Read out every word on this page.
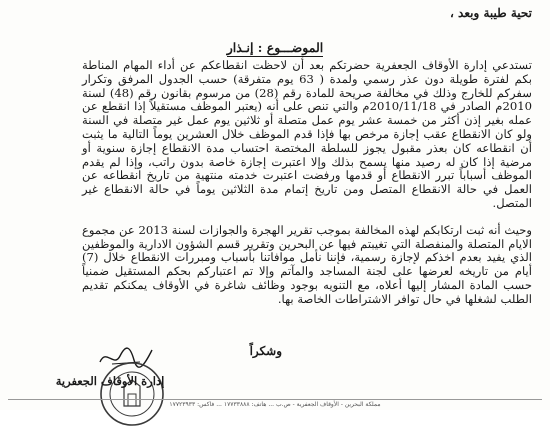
تحية طيبة وبعد ،
الموضـــوع : إنـذار

تستدعي إدارة الأوقاف الجعفرية حضرتكم بعد أن لاحظت انقطاعكم عن أداء المهام المناطة بكم لفترة طويلة دون عذر رسمي ولمدة ( 63 يوم متفرقة) حسب الجدول المرفق وتكرار سفركم للخارج وذلك في مخالفة صريحة للمادة رقم (28) من مرسوم بقانون رقم (48) لسنة 2010م الصادر في 2010/11/18م والتي تنص على أنه (يعتبر الموظف مستقيلاً إذا انقطع عن عمله بغير إذن أكثر من خمسة عشر يوم عمل متصلة أو ثلاثين يوم عمل غير متصلة في السنة ولو كان الانقطاع عقب إجازة مرخص بها فإذا قدم الموظف خلال العشرين يوماً التالية ما يثبت أن انقطاعه كان بعذر مقبول يجوز للسلطة المختصة احتساب مدة الانقطاع إجازة سنوية أو مرضية إذا كان له رصيد منها يسمح بذلك وإلا اعتبرت إجازة خاصة بدون راتب، وإذا لم يقدم الموظف أسباباً تبرر الانقطاع أو قدمها ورفضت اعتبرت خدمته منتهية من تاريخ انقطاعه عن العمل في حالة الانقطاع المتصل ومن تاريخ إتمام مدة الثلاثين يوماً في حالة الانقطاع غير المتصل.

وحيث أنه ثبت ارتكابكم لهذه المخالفة بموجب تقرير الهجرة والجوازات لسنة 2013 عن مجموع الايام المتصلة والمنفصلة التي تغيبتم فيها عن البحرين وتقرير قسم الشؤون الادارية والموظفين الذي يفيد بعدم اخذكم لإجازة رسمية، فإننا نأمل موافاتنا بأسباب ومبررات الانقطاع خلال (7) أيام من تاريخه لعرضها على لجنة المساجد والمآتم وإلا تم اعتباركم بحكم المستقيل ضمنياً حسب المادة المشار إليها أعلاه، مع التنويه بوجود وظائف شاغرة في الأوقاف يمكنكم تقديم الطلب لشغلها في حال توافر الاشتراطات الخاصة بها.

وشكراً
إدارة الأوقاف الجعفرية
مملكة البحرين - الأوقاف الجعفرية - ص.ب ... هاتف: ١٧٧٣٣٨٨٨ ... فاكس: ١٧٧٢٣٩٣٣
